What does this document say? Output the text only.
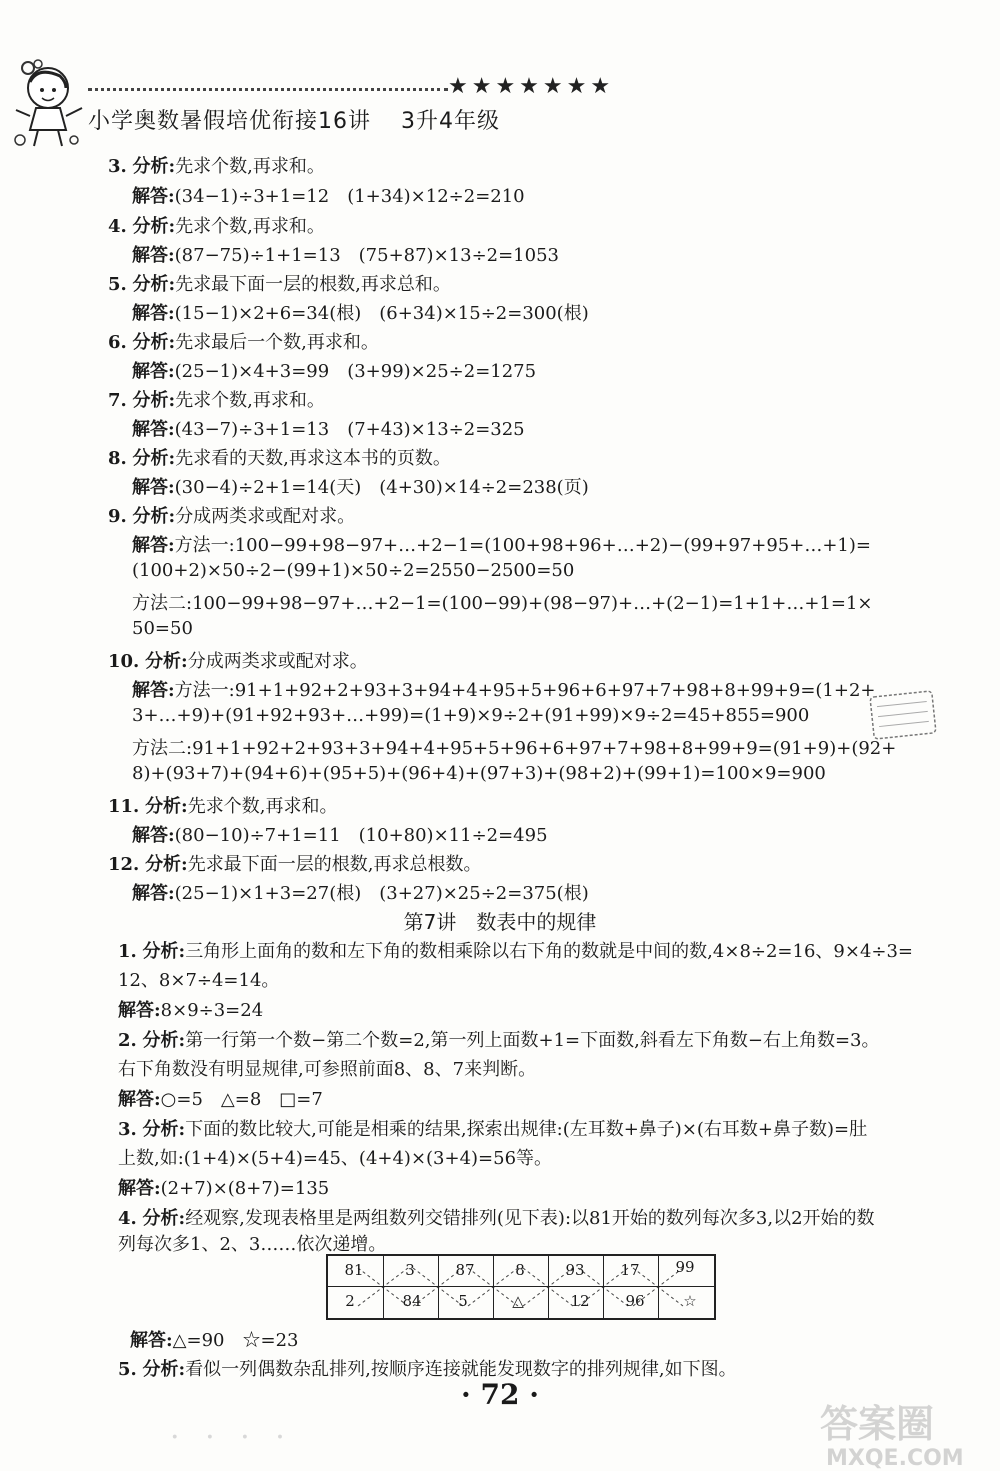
★★★★★★★
小学奥数暑假培优衔接16讲 3升4年级
3. 分析:先求个数,再求和。
解答:(34−1)÷3+1=12　(1+34)×12÷2=210
4. 分析:先求个数,再求和。
解答:(87−75)÷1+1=13　(75+87)×13÷2=1053
5. 分析:先求最下面一层的根数,再求总和。
解答:(15−1)×2+6=34(根)　(6+34)×15÷2=300(根)
6. 分析:先求最后一个数,再求和。
解答:(25−1)×4+3=99　(3+99)×25÷2=1275
7. 分析:先求个数,再求和。
解答:(43−7)÷3+1=13　(7+43)×13÷2=325
8. 分析:先求看的天数,再求这本书的页数。
解答:(30−4)÷2+1=14(天)　(4+30)×14÷2=238(页)
9. 分析:分成两类求或配对求。
解答:方法一:100−99+98−97+…+2−1=(100+98+96+…+2)−(99+97+95+…+1)=
(100+2)×50÷2−(99+1)×50÷2=2550−2500=50
方法二:100−99+98−97+…+2−1=(100−99)+(98−97)+…+(2−1)=1+1+…+1=1×
50=50
10. 分析:分成两类求或配对求。
解答:方法一:91+1+92+2+93+3+94+4+95+5+96+6+97+7+98+8+99+9=(1+2+
3+…+9)+(91+92+93+…+99)=(1+9)×9÷2+(91+99)×9÷2=45+855=900
方法二:91+1+92+2+93+3+94+4+95+5+96+6+97+7+98+8+99+9=(91+9)+(92+
8)+(93+7)+(94+6)+(95+5)+(96+4)+(97+3)+(98+2)+(99+1)=100×9=900
11. 分析:先求个数,再求和。
解答:(80−10)÷7+1=11　(10+80)×11÷2=495
12. 分析:先求最下面一层的根数,再求总根数。
解答:(25−1)×1+3=27(根)　(3+27)×25÷2=375(根)
第7讲　数表中的规律
1. 分析:三角形上面角的数和左下角的数相乘除以右下角的数就是中间的数,4×8÷2=16、9×4÷3=
12、8×7÷4=14。
解答:8×9÷3=24
2. 分析:第一行第一个数−第二个数=2,第一列上面数+1=下面数,斜看左下角数−右上角数=3。
右下角数没有明显规律,可参照前面8、8、7来判断。
解答:○=5　△=8　□=7
3. 分析:下面的数比较大,可能是相乘的结果,探索出规律:(左耳数+鼻子)×(右耳数+鼻子数)=肚
上数,如:(1+4)×(5+4)=45、(4+4)×(3+4)=56等。
解答:(2+7)×(8+7)=135
4. 分析:经观察,发现表格里是两组数列交错排列(见下表):以81开始的数列每次多3,以2开始的数
列每次多1、2、3……依次递增。
81	3	87	8	93	17	99
2	84	5	△	12	96	☆
解答:△=90　☆=23
5. 分析:看似一列偶数杂乱排列,按顺序连接就能发现数字的排列规律,如下图。
· 72 ·
· · · ·	答案圈
MXQE.COM
